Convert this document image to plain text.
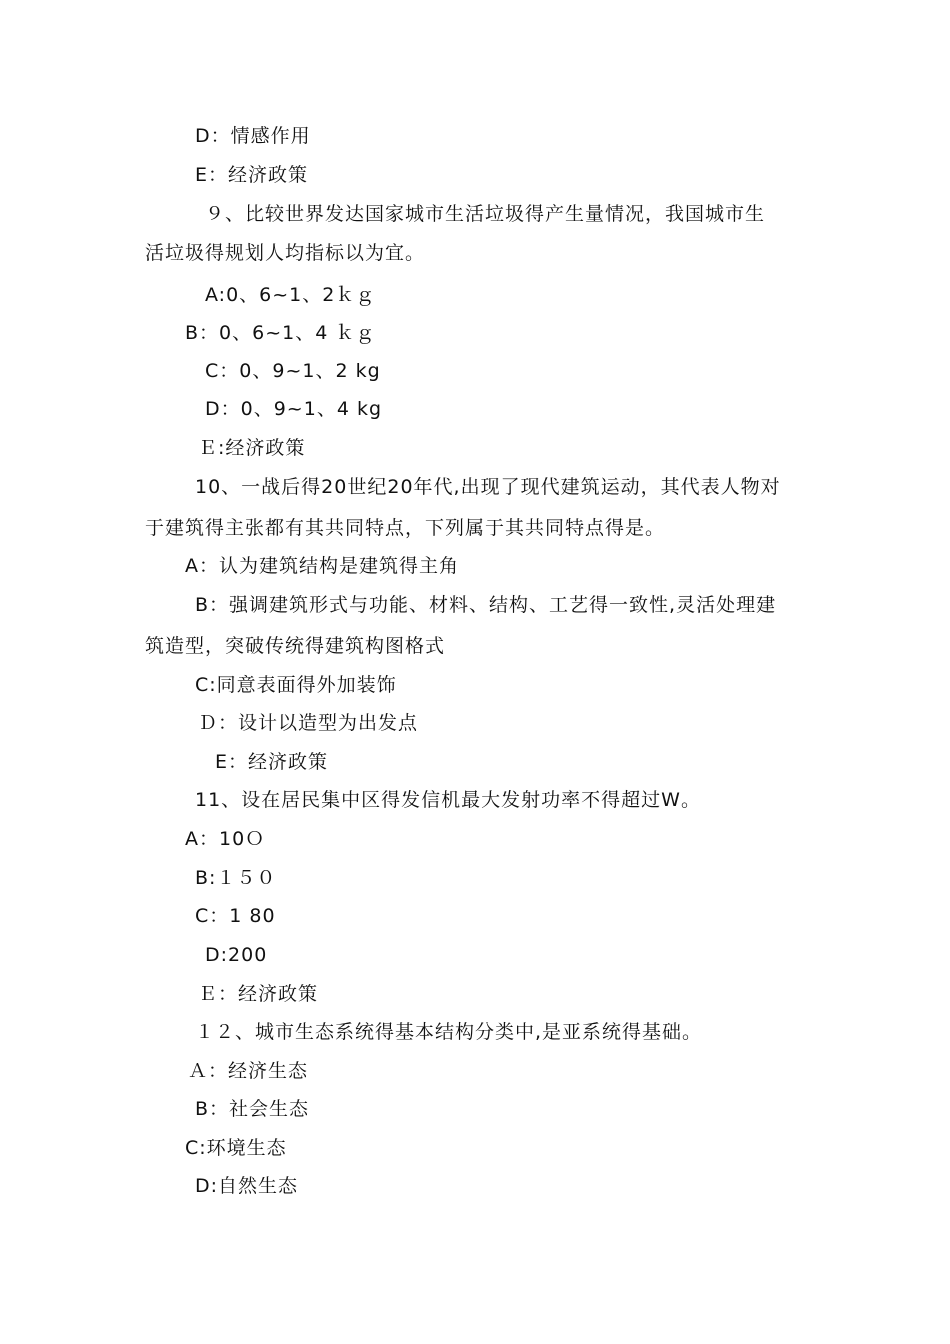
D：情感作用
E：经济政策
９、比较世界发达国家城市生活垃圾得产生量情况，我国城市生
活垃圾得规划人均指标以为宜。
A:0、6~1、2ｋｇ
B：0、6~1、4 ｋｇ
C：0、9~1、2 kg
D：0、9~1、4 kg
Ｅ:经济政策
10、一战后得20世纪20年代,出现了现代建筑运动，其代表人物对
于建筑得主张都有其共同特点，下列属于其共同特点得是。
A：认为建筑结构是建筑得主角
B：强调建筑形式与功能、材料、结构、工艺得一致性,灵活处理建
筑造型，突破传统得建筑构图格式
C:同意表面得外加装饰
Ｄ：设计以造型为出发点
E：经济政策
11、设在居民集中区得发信机最大发射功率不得超过W。
A：10Ｏ
B:１５０
C：1 80
D:200
Ｅ：经济政策
１２、城市生态系统得基本结构分类中,是亚系统得基础。
Ａ：经济生态
B：社会生态
C:环境生态
D:自然生态
